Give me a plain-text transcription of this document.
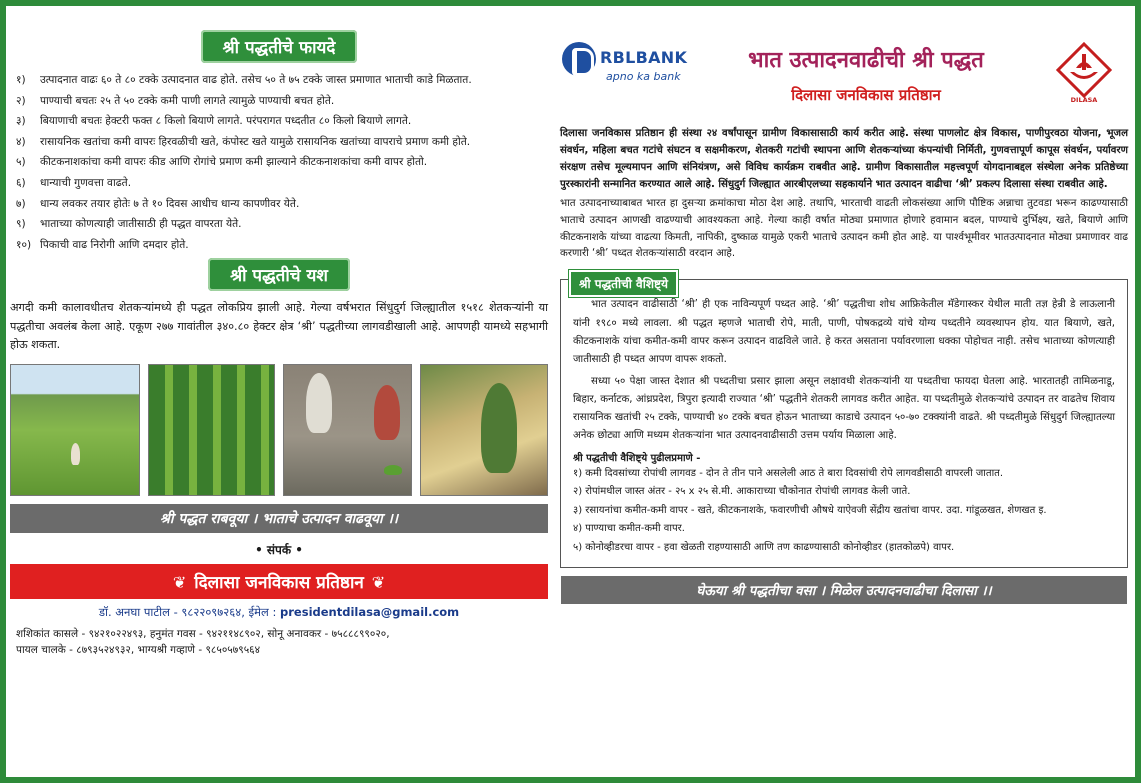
श्री पद्धतीचे फायदे
१)	उत्पादनात वाढः ६० ते ८० टक्के उत्पादनात वाढ होते. तसेच ५० ते ७५ टक्के जास्त प्रमाणात भाताची काडे मिळतात.
२)	पाण्याची बचतः २५ ते ५० टक्के कमी पाणी लागते त्यामुळे पाण्याची बचत होते.
३)	बियाणाची बचतः हेक्टरी फक्त ८ किलो बियाणे लागते. परंपरागत पध्दतीत ८० किलो बियाणे लागते.
४)	रासायनिक खतांचा कमी वापरः हिरवळीची खते, कंपोस्ट खते यामुळे रासायनिक खतांच्या वापराचे प्रमाण कमी होते.
५)	कीटकनाशकांचा कमी वापरः कीड आणि रोगांचे प्रमाण कमी झाल्याने कीटकनाशकांचा कमी वापर होतो.
६)	धान्याची गुणवत्ता वाढते.
७)	धान्य लवकर तयार होतेः ७ ते १० दिवस आधीच धान्य कापणीवर येते.
९)	भाताच्या कोणत्याही जातीसाठी ही पद्धत वापरता येते.
१०) पिकाची वाढ निरोगी आणि दमदार होते.
श्री पद्धतीचे यश

अगदी कमी कालावधीतच शेतकऱ्यांमध्ये ही पद्धत लोकप्रिय झाली आहे. गेल्या वर्षभरात सिंधुदुर्ग जिल्ह्यातील १५१८ शेतकऱ्यांनी या पद्धतीचा अवलंब केला आहे. एकूण २७७ गावांतील ३४०.८० हेक्टर क्षेत्र ‘श्री’ पद्धतीच्या लागवडीखाली आहे. आपणही यामध्ये सहभागी होऊ शकता.

श्री पद्धत राबवूया । भाताचे उत्पादन वाढवूया ।।
• संपर्क •
❦ दिलासा जनविकास प्रतिष्ठान ❦
डॉ. अनघा पाटील - ९८२२०९७२६४, ईमेल : presidentdilasa@gmail.com
शशिकांत कासले - ९४२१०२२४९३, हनुमंत गवस - ९४२११४८९०२, सोनू अनावकर - ७५८८८९९०२०,
पायल चालके - ८७९३५२४९३२, भाग्यश्री गव्हाणे - ९८५०५७९५६४
RBLBANK
apno ka bank
भात उत्पादनवाढीची श्री पद्धत
दिलासा जनविकास प्रतिष्ठान	DILASA

दिलासा जनविकास प्रतिष्ठान ही संस्था २४ वर्षांपासून ग्रामीण विकासासाठी कार्य करीत आहे. संस्था पाणलोट क्षेत्र विकास, पाणीपुरवठा योजना, भूजल संवर्धन, महिला बचत गटांचे संघटन व सक्षमीकरण, शेतकरी गटांची स्थापना आणि शेतकऱ्यांच्या कंपन्यांची निर्मिती, गुणवत्तापूर्ण कापूस संवर्धन, पर्यावरण संरक्षण तसेच मूल्यमापन आणि संनियंत्रण, असे विविध कार्यक्रम राबवीत आहे. ग्रामीण विकासातील महत्त्वपूर्ण योगदानाबद्दल संस्थेला अनेक प्रतिष्ठेच्या पुरस्कारांनी सन्मानित करण्यात आले आहे. सिंधुदुर्ग जिल्ह्यात आरबीएलच्या सहकार्याने भात उत्पादन वाढीचा ‘श्री’ प्रकल्प दिलासा संस्था राबवीत आहे.

भात उत्पादनाच्याबाबत भारत हा दुसऱ्या क्रमांकाचा मोठा देश आहे. तथापि, भारताची वाढती लोकसंख्या आणि पौष्टिक अन्नाचा तुटवडा भरून काढण्यासाठी भाताचे उत्पादन आणखी वाढण्याची आवश्यकता आहे. गेल्या काही वर्षात मोठ्या प्रमाणात होणारे हवामान बदल, पाण्याचे दुर्भिक्ष्य, खते, बियाणे आणि कीटकनाशके यांच्या वाढत्या किमती, नापिकी, दुष्काळ यामुळे एकरी भाताचे उत्पादन कमी होत आहे. या पार्श्वभूमीवर भातउत्पादनात मोठ्या प्रमाणावर वाढ करणारी ‘श्री’ पध्दत शेतकऱ्यांसाठी वरदान आहे.

श्री पद्धतीची वैशिष्ट्ये

भात उत्पादन वाढीसाठी ‘श्री’ ही एक नाविन्यपूर्ण पध्दत आहे. ‘श्री’ पद्धतीचा शोध आफ्रिकेतील मॅडेगास्कर येथील माती तज्ञ हेन्री डे लाऊलानी यांनी १९८० मध्ये लावला. श्री पद्धत म्हणजे भाताची रोपे, माती, पाणी, पोषकद्रव्ये यांचे योग्य पध्दतीने व्यवस्थापन होय. यात बियाणे, खते, कीटकनाशके यांचा कमीत-कमी वापर करून उत्पादन वाढविले जाते. हे करत असताना पर्यावरणाला धक्का पोहोचत नाही. तसेच भाताच्या कोणत्याही जातीसाठी ही पध्दत आपण वापरू शकतो.

सध्या ५० पेक्षा जास्त देशात श्री पध्दतीचा प्रसार झाला असून लक्षावधी शेतकऱ्यांनी या पध्दतीचा फायदा घेतला आहे. भारतातही तामिळनाडू, बिहार, कर्नाटक, आंध्रप्रदेश, त्रिपुरा इत्यादी राज्यात ‘श्री’ पद्धतीने शेतकरी लागवड करीत आहेत. या पध्दतीमुळे शेतकऱ्यांचे उत्पादन तर वाढतेच शिवाय रासायनिक खतांची २५ टक्के, पाण्याची ४० टक्के बचत होऊन भाताच्या काडाचे उत्पादन ५०-७० टक्क्यांनी वाढते. श्री पध्दतीमुळे सिंधुदुर्ग जिल्ह्यातल्या अनेक छोट्या आणि मध्यम शेतकऱ्यांना भात उत्पादनवाढीसाठी उत्तम पर्याय मिळाला आहे.

श्री पद्धतीची वैशिष्ट्ये पुढीलप्रमाणे -
१) कमी दिवसांच्या रोपांची लागवड - दोन ते तीन पाने असलेली आठ ते बारा दिवसांची रोपे लागवडीसाठी वापरली जातात.
२) रोपांमधील जास्त अंतर - २५ x २५ से.मी. आकाराच्या चौकोनात रोपांची लागवड केली जाते.
३) रसायनांचा कमीत-कमी वापर - खते, कीटकनाशके, फवारणीची औषधे याऐवजी सेंद्रीय खतांचा वापर. उदा. गांडूळखत, शेणखत इ.
४) पाण्याचा कमीत-कमी वापर.
५) कोनोव्हीडरचा वापर - हवा खेळती राहण्यासाठी आणि तण काढण्यासाठी कोनोव्हीडर (हातकोळपे) वापर.
घेऊया श्री पद्धतीचा वसा । मिळेल उत्पादनवाढीचा दिलासा ।।
